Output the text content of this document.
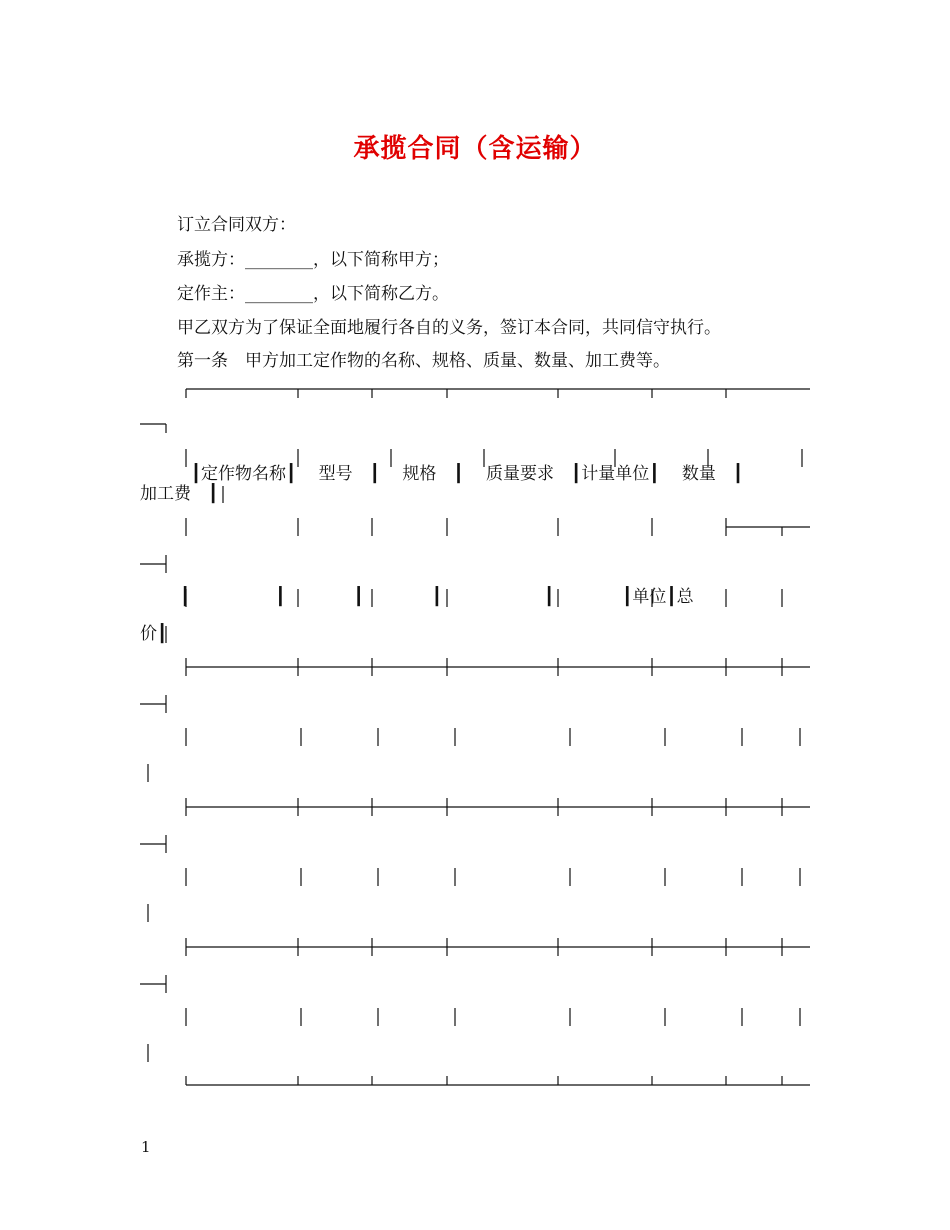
承揽合同（含运输）
订立合同双方：
承揽方：________，以下简称甲方；
定作主：________，以下简称乙方。
甲乙双方为了保证全面地履行各自的义务，签订本合同，共同信守执行。
第一条　甲方加工定作物的名称、规格、质量、数量、加工费等。

┃定作物名称┃　 型号　┃　 规格　┃　 质量要求　┃计量单位┃　 数量　┃

加工费　┃
┃　　　　　┃　　　　┃　　　　┃　　　　　　┃　　　　┃单位┃总
价┃
1
